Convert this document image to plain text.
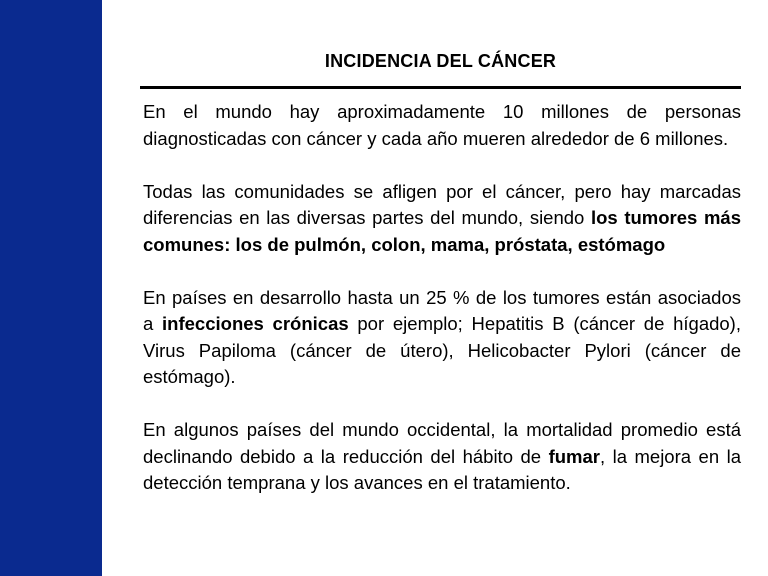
INCIDENCIA DEL CÁNCER

En el mundo hay aproximadamente 10 millones de personas diagnosticadas con cáncer y cada año mueren alrededor de 6 millones.

Todas las comunidades se afligen por el cáncer, pero hay marcadas diferencias en las diversas partes del mundo, siendo los tumores más comunes: los de pulmón, colon, mama, próstata, estómago

En países en desarrollo hasta un 25 % de los tumores están asociados a infecciones crónicas por ejemplo; Hepatitis B (cáncer de hígado), Virus Papiloma (cáncer de útero), Helicobacter Pylori (cáncer de estómago).

En algunos países del mundo occidental, la mortalidad promedio está declinando debido a la reducción del hábito de fumar, la mejora en la detección temprana y los avances en el tratamiento.
